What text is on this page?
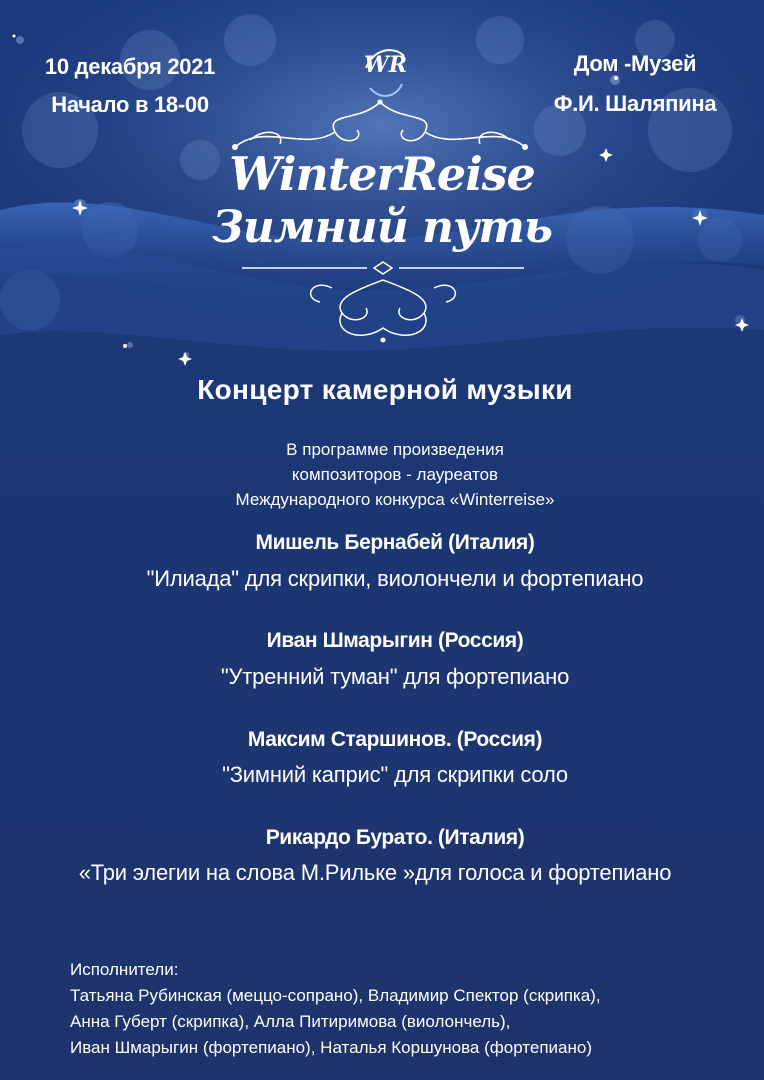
10 декабря 2021
Начало в 18-00
Дом -Музей
Ф.И. Шаляпина
WR
WinterReise
Зимний путь
Концерт камерной музыки
В программе произведения
композиторов - лауреатов
Международного конкурса «Winterreise»
Мишель Бернабей (Италия)
"Илиада" для скрипки, виолончели и фортепиано
Иван Шмарыгин (Россия)
"Утренний туман" для фортепиано
Максим Старшинов. (Россия)
"Зимний каприс" для скрипки соло
Рикардо Бурато. (Италия)
«Три элегии на слова М.Рильке »для голоса и фортепиано
Исполнители:
Татьяна Рубинская (меццо-сопрано), Владимир Спектор (скрипка),
Анна Губерт (скрипка), Алла Питиримова (виолончель),
Иван Шмарыгин (фортепиано), Наталья Коршунова (фортепиано)
